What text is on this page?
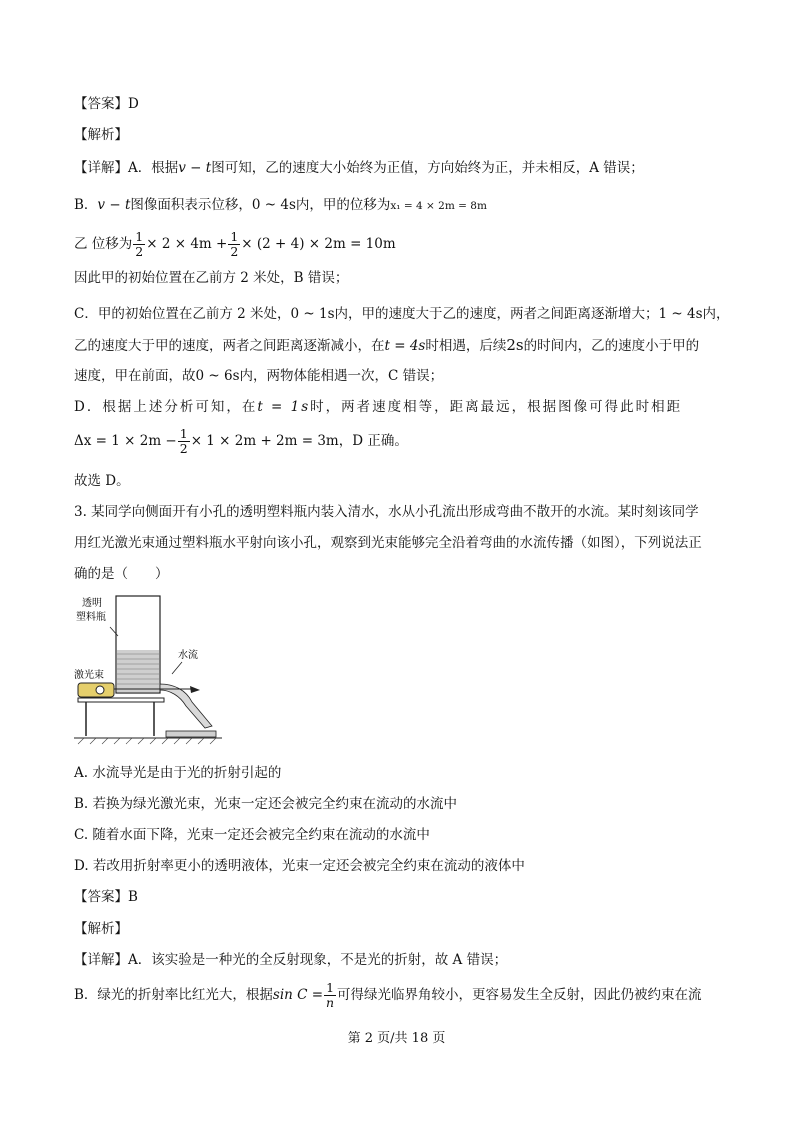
【答案】D
【解析】
【详解】A．根据v − t图可知，乙的速度大小始终为正值，方向始终为正，并未相反，A 错误；
B．v − t图像面积表示位移，0 ~ 4s内，甲的位移为x₁ = 4 × 2m = 8m
乙 位移为 $\frac{1}{2} \times 2 \times 4m + \frac{1}{2} \times (2 + 4) \times 2m = 10m$
因此甲的初始位置在乙前方 2 米处，B 错误；
C．甲的初始位置在乙前方 2 米处，0 ~ 1s内，甲的速度大于乙的速度，两者之间距离逐渐增大；1 ~ 4s内，
乙的速度大于甲的速度，两者之间距离逐渐减小，在t = 4s时相遇，后续2s的时间内，乙的速度小于甲的
速度，甲在前面，故0 ~ 6s内，两物体能相遇一次，C 错误；
D．根据上述分析可知，在t = 1s时，两者速度相等，距离最远，根据图像可得此时相距
$\Delta x = 1 \times 2m - \frac{1}{2} \times 1 \times 2m + 2m = 3m$，D 正确。
故选 D。
3. 某同学向侧面开有小孔的透明塑料瓶内装入清水，水从小孔流出形成弯曲不散开的水流。某时刻该同学
用红光激光束通过塑料瓶水平射向该小孔，观察到光束能够完全沿着弯曲的水流传播（如图），下列说法正
确的是（　　）
透明
塑料瓶
激光束
水流
A. 水流导光是由于光的折射引起的
B. 若换为绿光激光束，光束一定还会被完全约束在流动的水流中
C. 随着水面下降，光束一定还会被完全约束在流动的水流中
D. 若改用折射率更小的透明液体，光束一定还会被完全约束在流动的液体中
【答案】B
【解析】
【详解】A．该实验是一种光的全反射现象，不是光的折射，故 A 错误；
B．绿光的折射率比红光大，根据$\sin C = \frac{1}{n}$ 可得绿光临界角较小，更容易发生全反射，因此仍被约束在流
第 2 页/共 18 页
